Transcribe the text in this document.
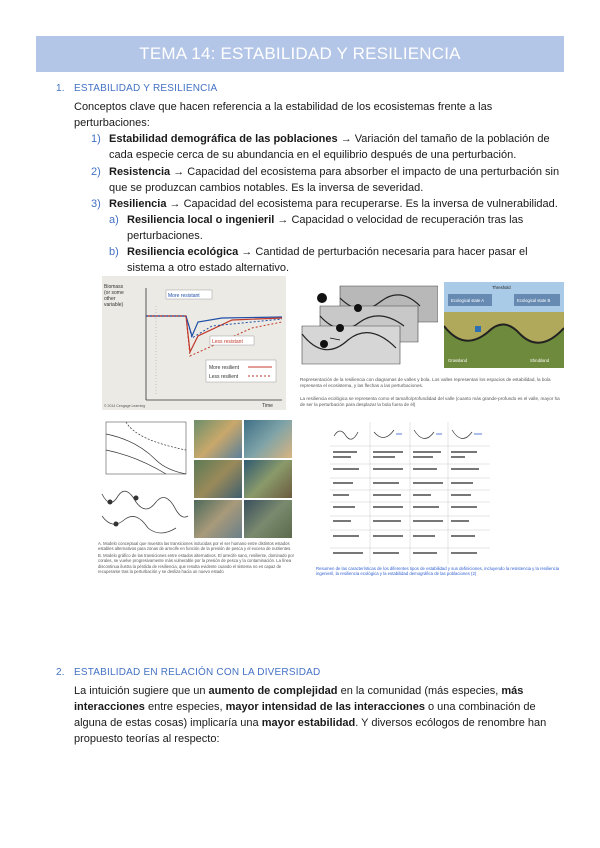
TEMA 14: ESTABILIDAD Y RESILIENCIA
1. ESTABILIDAD Y RESILIENCIA
Conceptos clave que hacen referencia a la estabilidad de los ecosistemas frente a las perturbaciones:
1) Estabilidad demográfica de las poblaciones → Variación del tamaño de la población de cada especie cerca de su abundancia en el equilibrio después de una perturbación.
2) Resistencia → Capacidad del ecosistema para absorber el impacto de una perturbación sin que se produzcan cambios notables. Es la inversa de severidad.
3) Resiliencia → Capacidad del ecosistema para recuperarse. Es la inversa de vulnerabilidad.
a) Resiliencia local o ingenieril → Capacidad o velocidad de recuperación tras las perturbaciones.
b) Resiliencia ecológica → Cantidad de perturbación necesaria para hacer pasar el sistema a otro estado alternativo.
Biomass (or some other variable)
More resistant
Less resistant
More resilient
Less resilient
Time
© 2014 Cengage Learning
Ecological state A	Ecological state B
Threshold
Grassland	Shrubland
Representación de la resiliencia con diagramas de valles y bola. Los valles representan los espacios de estabilidad, la bola representa el ecosistema, y las flechas a las perturbaciones.
La resiliencia ecológica se representa como el tamaño/profundidad del valle (cuanto más grande-profundo es el valle, mayor ha de ser la perturbación para desplazar la bola fuera de él)
A. Modelo conceptual que muestra las transiciones inducidas por el ser humano entre distintos estados estables alternativos para zonas de arrecife en función de la presión de pesca y el exceso de nutrientes.
B. Modelo gráfico de las transiciones entre estados alternativos. El arrecife sano, resiliente, dominado por corales, se vuelve progresivamente más vulnerable por la presión de pesca y la contaminación. La línea discontinua ilustra la pérdida de resiliencia, que resulta evidente cuando el sistema no es capaz de recuperarse tras la perturbación y se desliza hacia un nuevo estado
Resumen de las características de los diferentes tipos de estabilidad y sus definiciones, incluyendo la resistencia y la resiliencia ingenieril, la resiliencia ecológica y la estabilidad demográfica de las poblaciones (2)
2. ESTABILIDAD EN RELACIÓN CON LA DIVERSIDAD
La intuición sugiere que un aumento de complejidad en la comunidad (más especies, más interacciones entre especies, mayor intensidad de las interacciones o una combinación de alguna de estas cosas) implicaría una mayor estabilidad. Y diversos ecólogos de renombre han propuesto teorías al respecto:
